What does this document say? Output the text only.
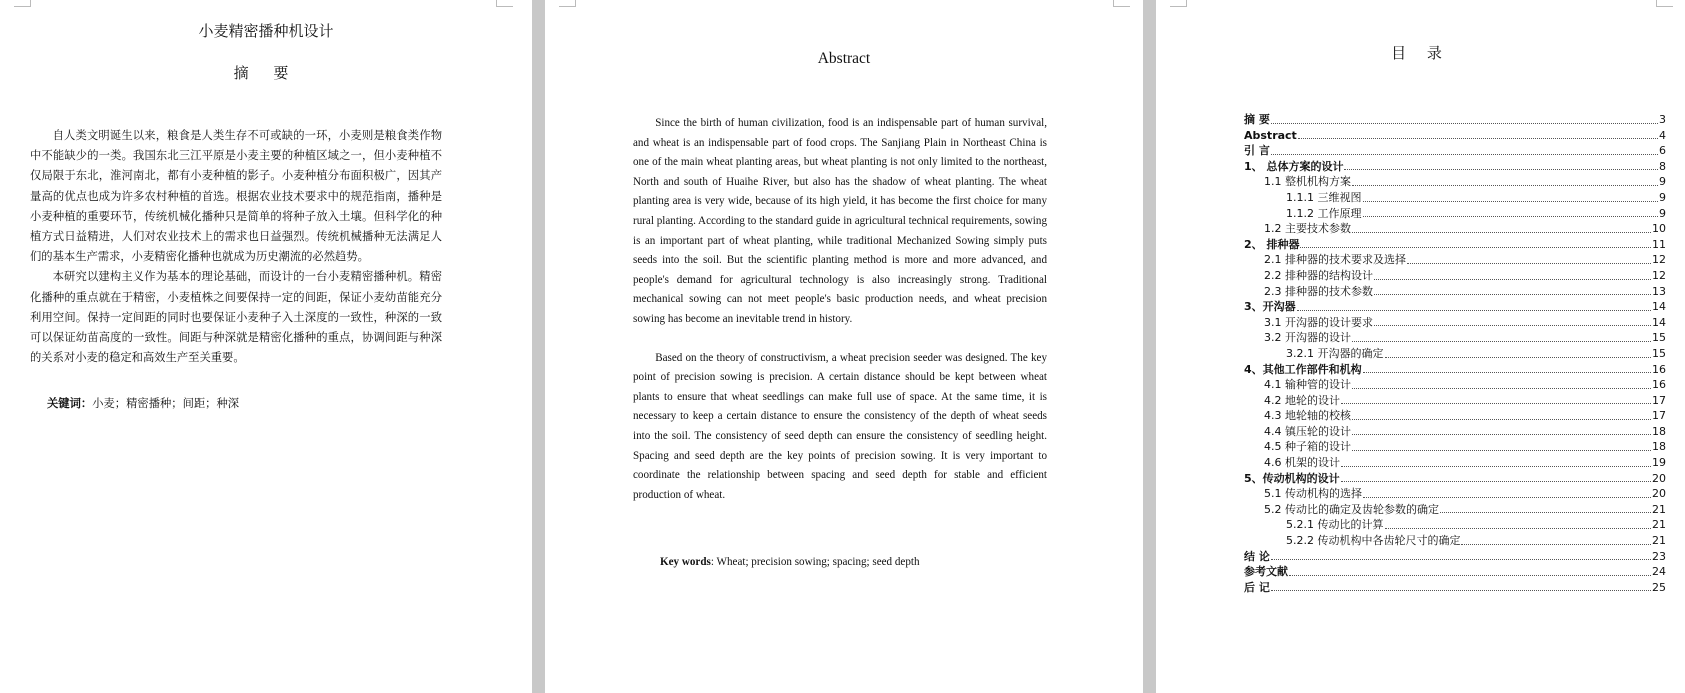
小麦精密播种机设计
摘 要

自人类文明诞生以来，粮食是人类生存不可或缺的一环，小麦则是粮食类作物中不能缺少的一类。我国东北三江平原是小麦主要的种植区域之一，但小麦种植不仅局限于东北，淮河南北，都有小麦种植的影子。小麦种植分布面积极广，因其产量高的优点也成为许多农村种植的首选。根据农业技术要求中的规范指南，播种是小麦种植的重要环节，传统机械化播种只是简单的将种子放入土壤。但科学化的种植方式日益精进，人们对农业技术上的需求也日益强烈。传统机械播种无法满足人们的基本生产需求，小麦精密化播种也就成为历史潮流的必然趋势。

本研究以建构主义作为基本的理论基础，而设计的一台小麦精密播种机。精密化播种的重点就在于精密，小麦植株之间要保持一定的间距，保证小麦幼苗能充分利用空间。保持一定间距的同时也要保证小麦种子入土深度的一致性，种深的一致可以保证幼苗高度的一致性。间距与种深就是精密化播种的重点，协调间距与种深的关系对小麦的稳定和高效生产至关重要。

关键词：小麦；精密播种；间距；种深
Abstract

Since the birth of human civilization, food is an indispensable part of human survival, and wheat is an indispensable part of food crops. The Sanjiang Plain in Northeast China is one of the main wheat planting areas, but wheat planting is not only limited to the northeast, North and south of Huaihe River, but also has the shadow of wheat planting. The wheat planting area is very wide, because of its high yield, it has become the first choice for many rural planting. According to the standard guide in agricultural technical requirements, sowing is an important part of wheat planting, while traditional Mechanized Sowing simply puts seeds into the soil. But the scientific planting method is more and more advanced, and people's demand for agricultural technology is also increasingly strong. Traditional mechanical sowing can not meet people's basic production needs, and wheat precision sowing has become an inevitable trend in history.

Based on the theory of constructivism, a wheat precision seeder was designed. The key point of precision sowing is precision. A certain distance should be kept between wheat plants to ensure that wheat seedlings can make full use of space. At the same time, it is necessary to keep a certain distance to ensure the consistency of the depth of wheat seeds into the soil. The consistency of seed depth can ensure the consistency of seedling height. Spacing and seed depth are the key points of precision sowing. It is very important to coordinate the relationship between spacing and seed depth for stable and efficient production of wheat.

Key words: Wheat; precision sowing; spacing; seed depth
目 录
摘 要	3
Abstract	4
引 言	6
1、 总体方案的设计	8
1.1 整机机构方案	9
1.1.1 三维视图	9
1.1.2 工作原理	9
1.2 主要技术参数	10
2、 排种器	11
2.1 排种器的技术要求及选择	12
2.2 排种器的结构设计	12
2.3 排种器的技术参数	13
3、开沟器	14
3.1 开沟器的设计要求	14
3.2 开沟器的设计	15
3.2.1 开沟器的确定	15
4、其他工作部件和机构	16
4.1 输种管的设计	16
4.2 地轮的设计	17
4.3 地轮轴的校核	17
4.4 镇压轮的设计	18
4.5 种子箱的设计	18
4.6 机架的设计	19
5、传动机构的设计	20
5.1 传动机构的选择	20
5.2 传动比的确定及齿轮参数的确定	21
5.2.1 传动比的计算	21
5.2.2 传动机构中各齿轮尺寸的确定	21
结 论	23
参考文献	24
后 记	25
